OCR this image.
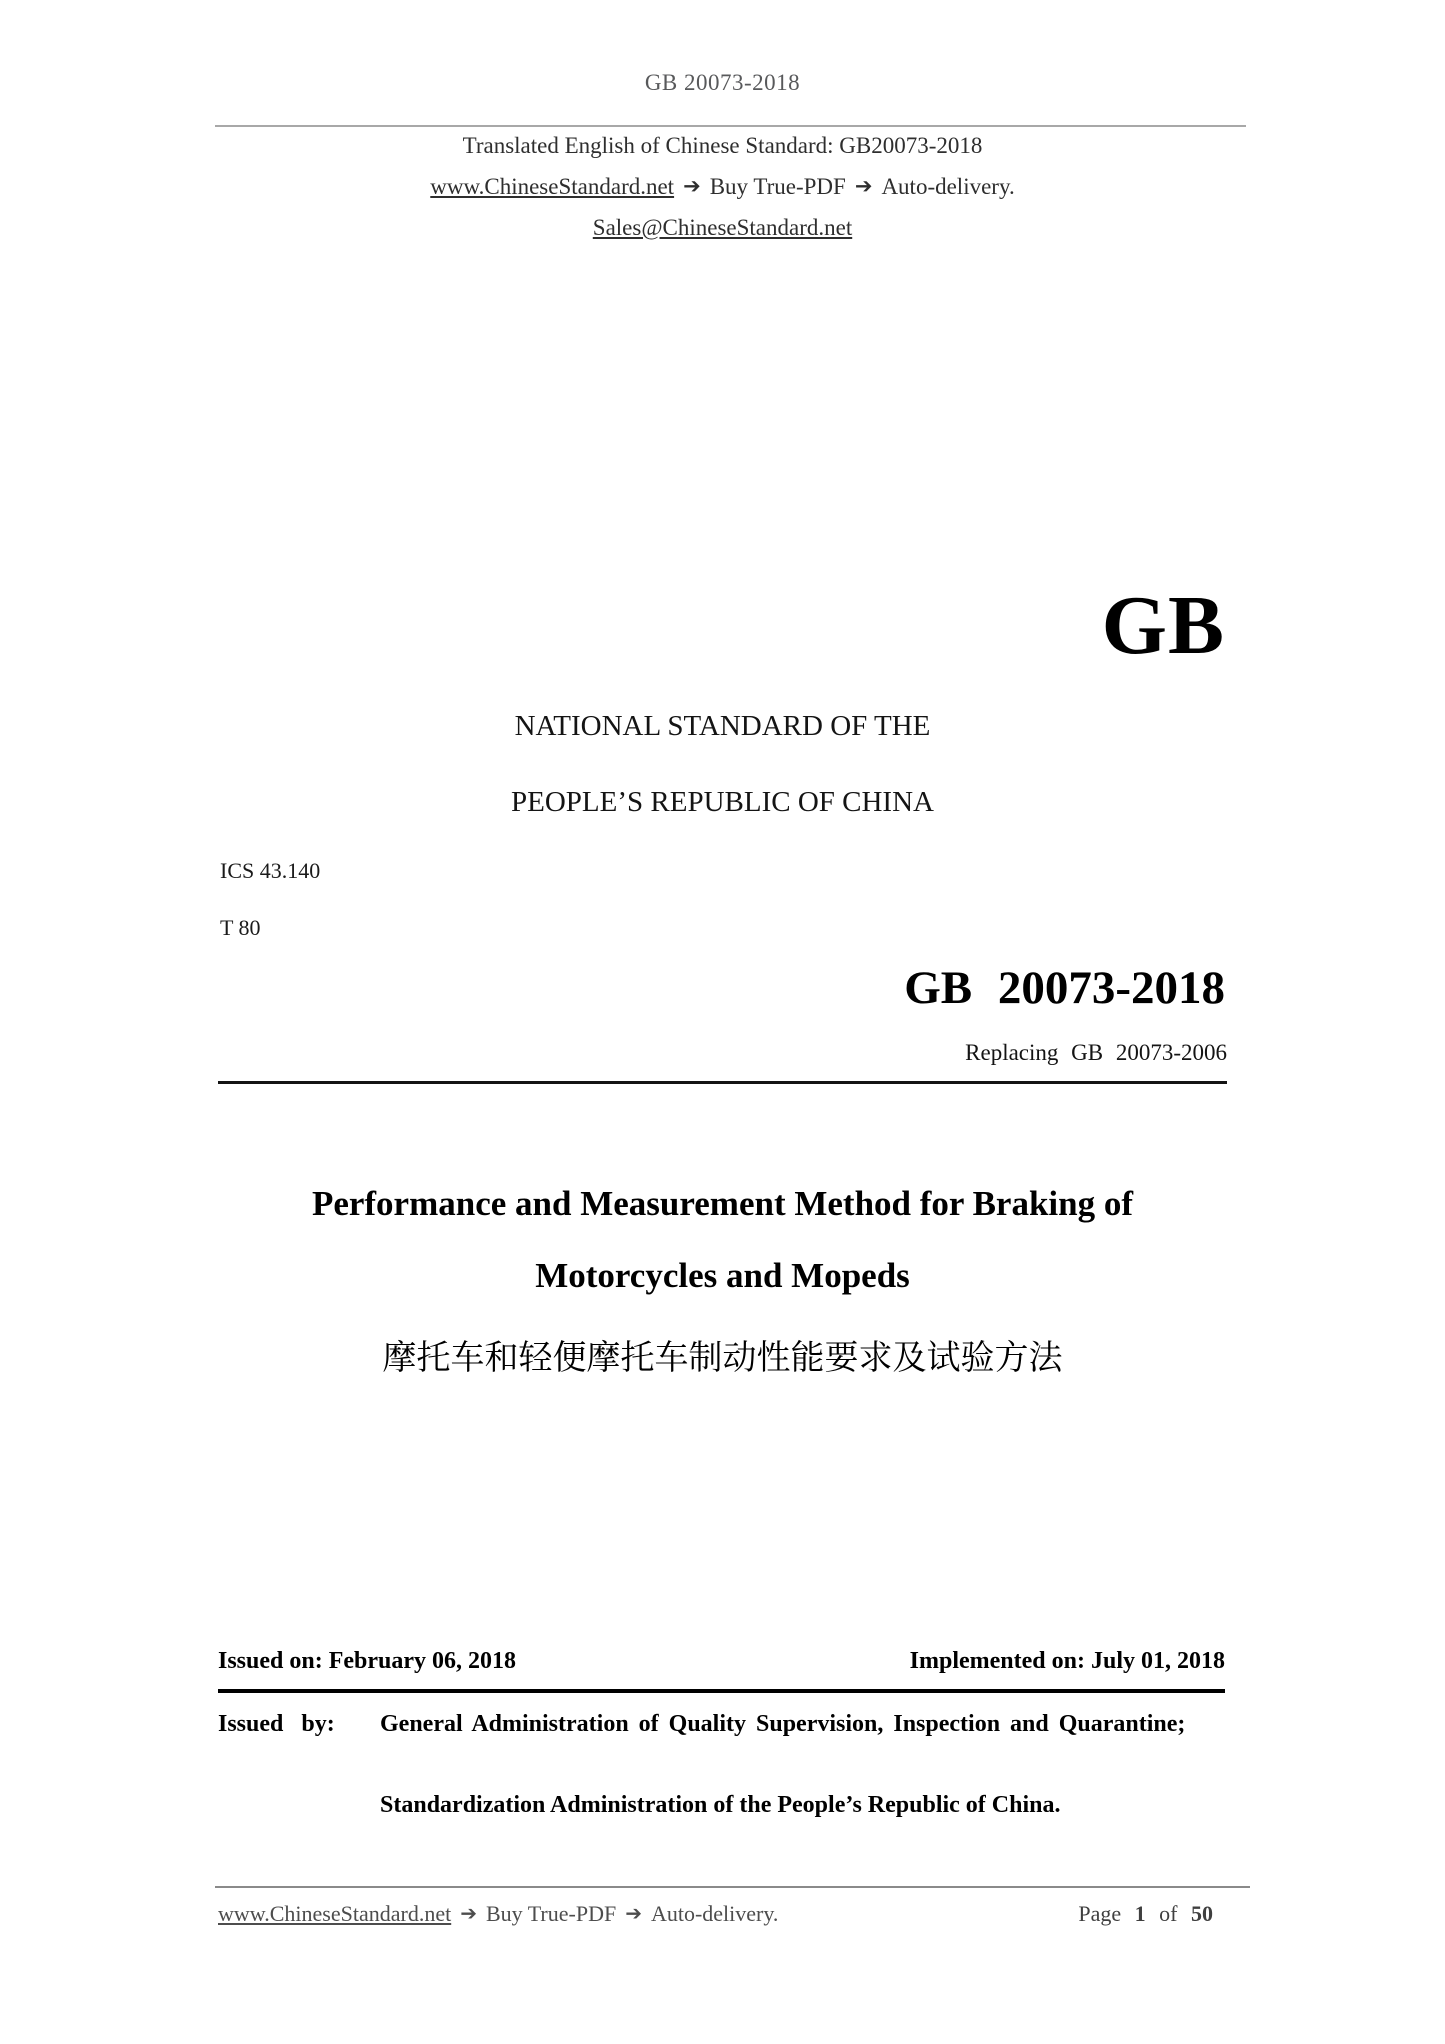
GB 20073-2018
Translated English of Chinese Standard: GB20073-2018
www.ChineseStandard.net ➔ Buy True-PDF ➔ Auto-delivery.
Sales@ChineseStandard.net
GB
NATIONAL STANDARD OF THE
PEOPLE’S REPUBLIC OF CHINA
ICS 43.140
T 80
GB 20073-2018
Replacing GB 20073-2006
Performance and Measurement Method for Braking of
Motorcycles and Mopeds
摩托车和轻便摩托车制动性能要求及试验方法
Issued on: February 06, 2018	Implemented on: July 01, 2018
Issued by:	General Administration of Quality Supervision, Inspection and Quarantine;
Standardization Administration of the People’s Republic of China.
www.ChineseStandard.net ➔ Buy True-PDF ➔ Auto-delivery.	Page 1 of 50
